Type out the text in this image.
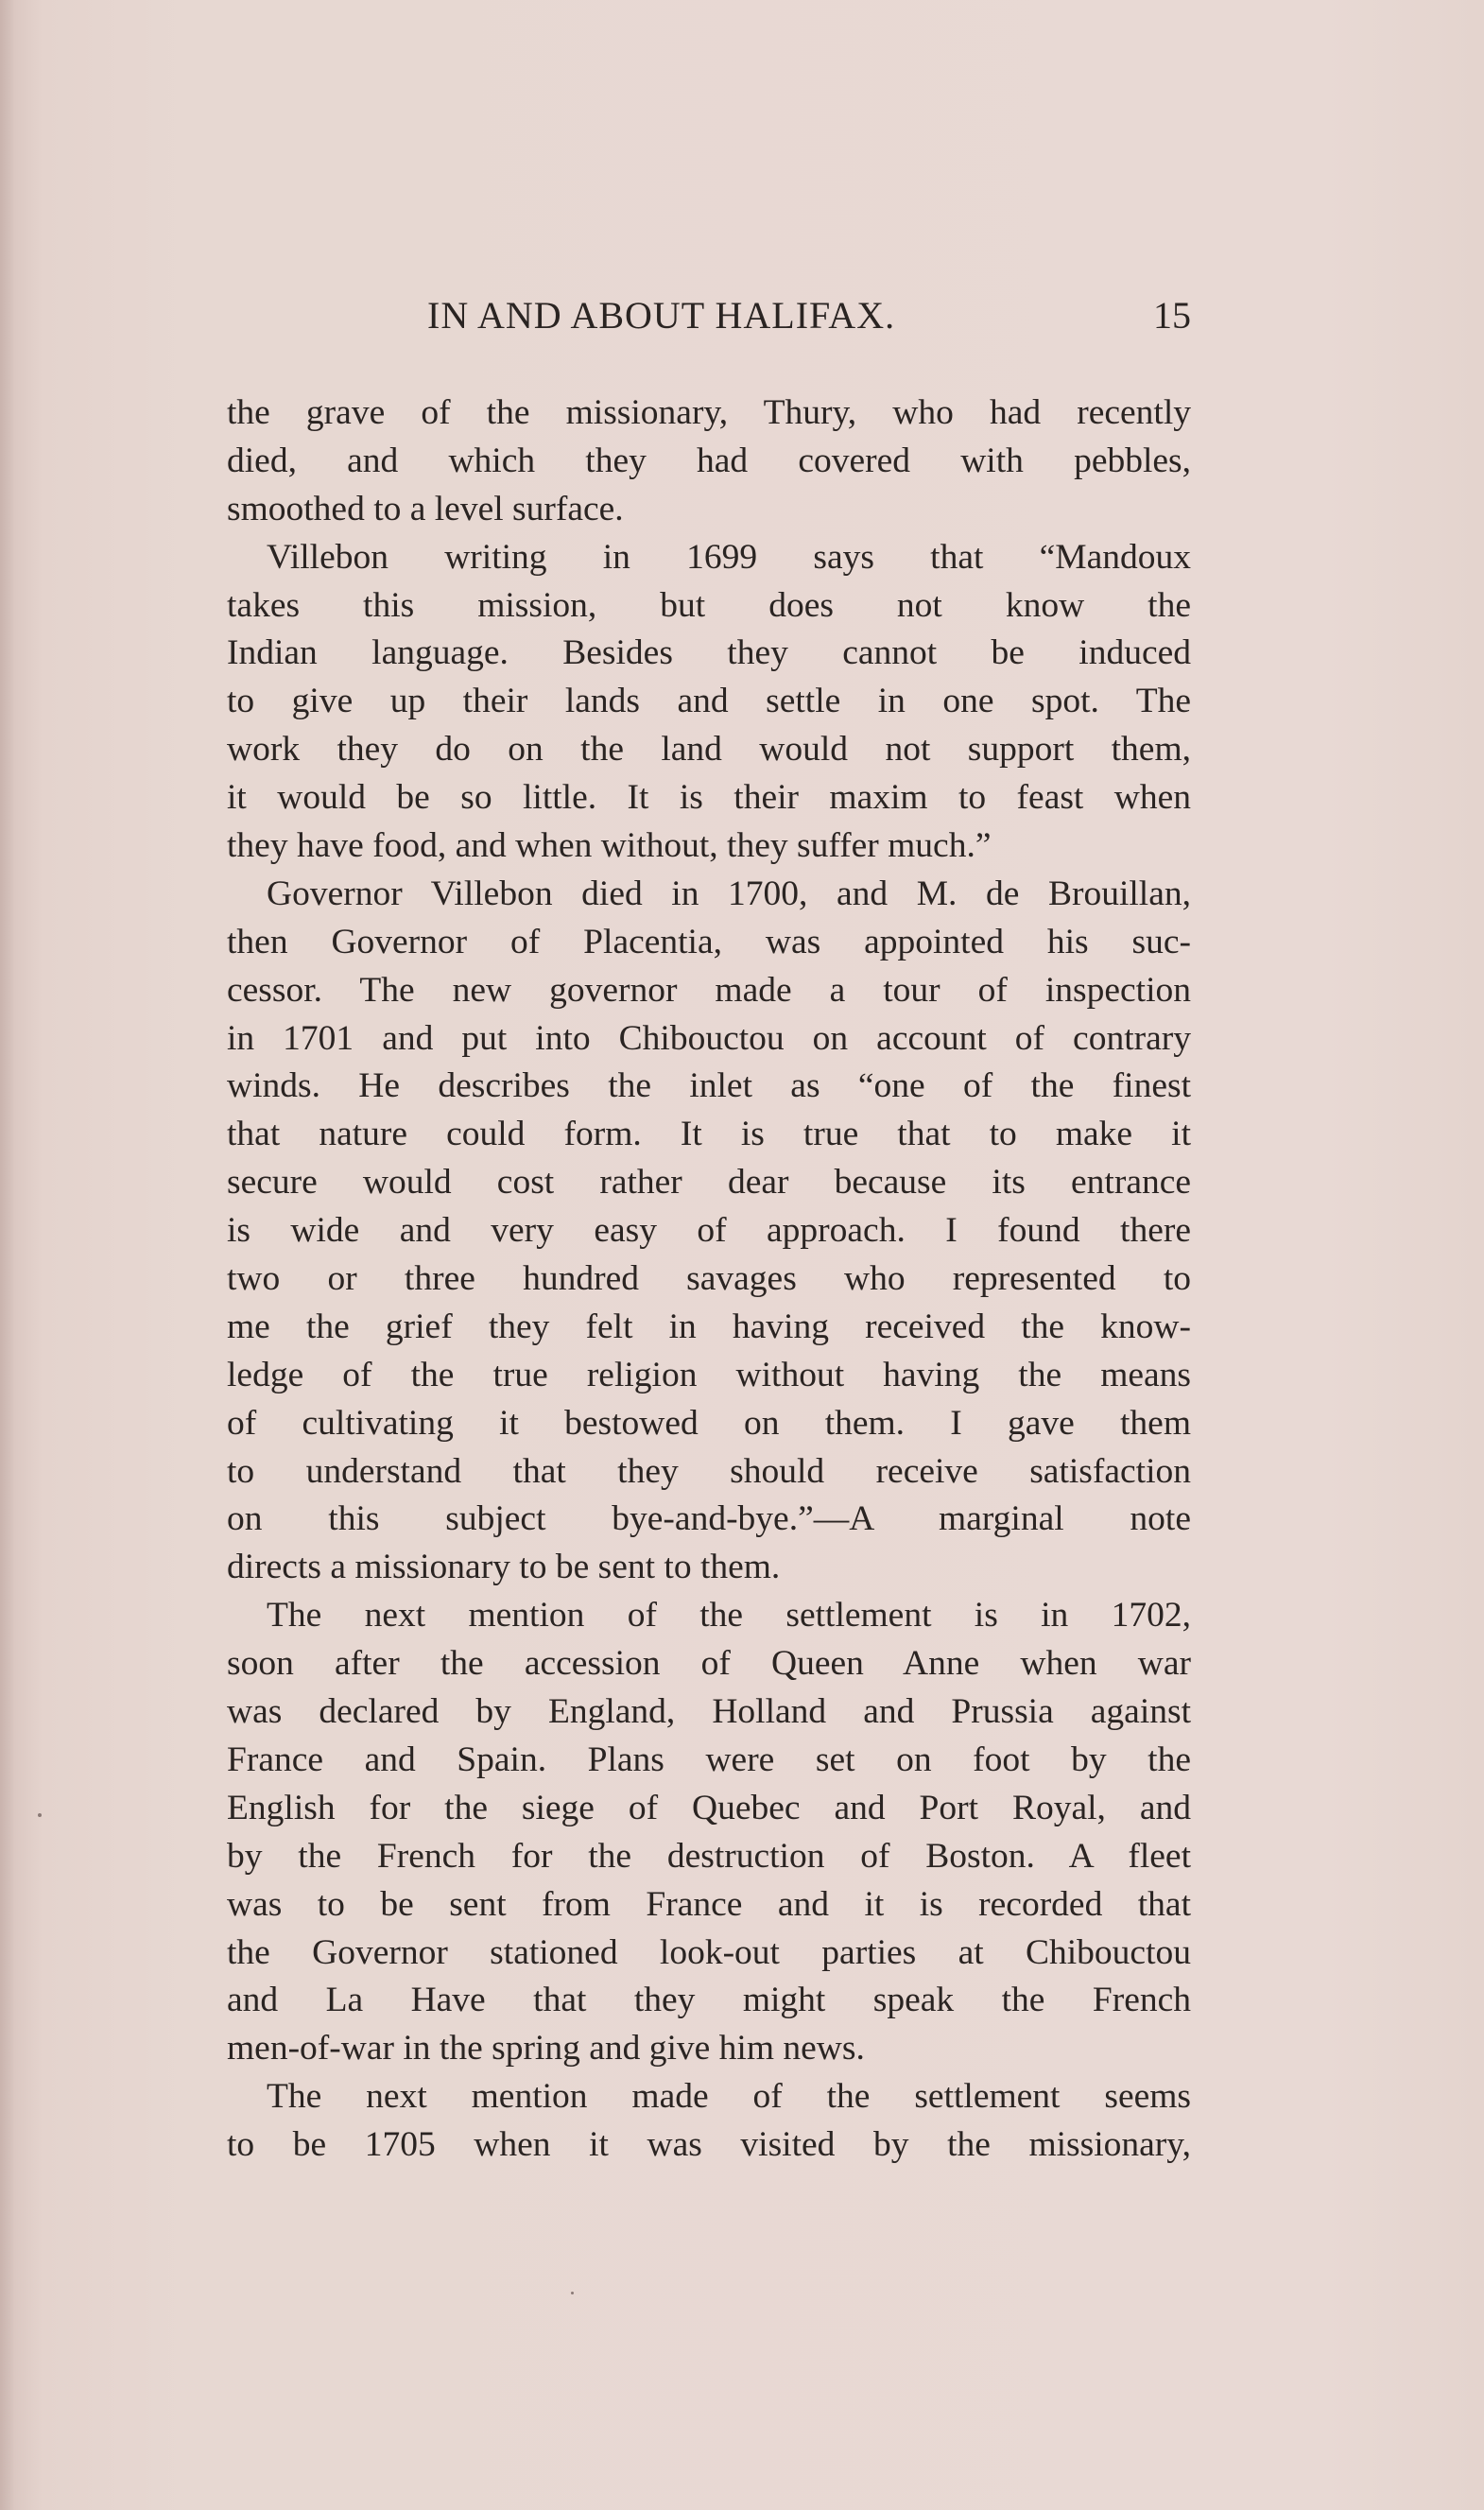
IN AND ABOUT HALIFAX.	15
the grave of the missionary, Thury, who had recently
died, and which they had covered with pebbles,
smoothed to a level surface.
Villebon writing in 1699 says that “Mandoux
takes this mission, but does not know the
Indian language. Besides they cannot be induced
to give up their lands and settle in one spot. The
work they do on the land would not support them,
it would be so little. It is their maxim to feast when
they have food, and when without, they suffer much.”
Governor Villebon died in 1700, and M. de Brouillan,
then Governor of Placentia, was appointed his suc-
cessor. The new governor made a tour of inspection
in 1701 and put into Chibouctou on account of contrary
winds. He describes the inlet as “one of the finest
that nature could form. It is true that to make it
secure would cost rather dear because its entrance
is wide and very easy of approach. I found there
two or three hundred savages who represented to
me the grief they felt in having received the know-
ledge of the true religion without having the means
of cultivating it bestowed on them. I gave them
to understand that they should receive satisfaction
on this subject bye-and-bye.”—A marginal note
directs a missionary to be sent to them.
The next mention of the settlement is in 1702,
soon after the accession of Queen Anne when war
was declared by England, Holland and Prussia against
France and Spain. Plans were set on foot by the
English for the siege of Quebec and Port Royal, and
by the French for the destruction of Boston. A fleet
was to be sent from France and it is recorded that
the Governor stationed look-out parties at Chibouctou
and La Have that they might speak the French
men-of-war in the spring and give him news.
The next mention made of the settlement seems
to be 1705 when it was visited by the missionary,
